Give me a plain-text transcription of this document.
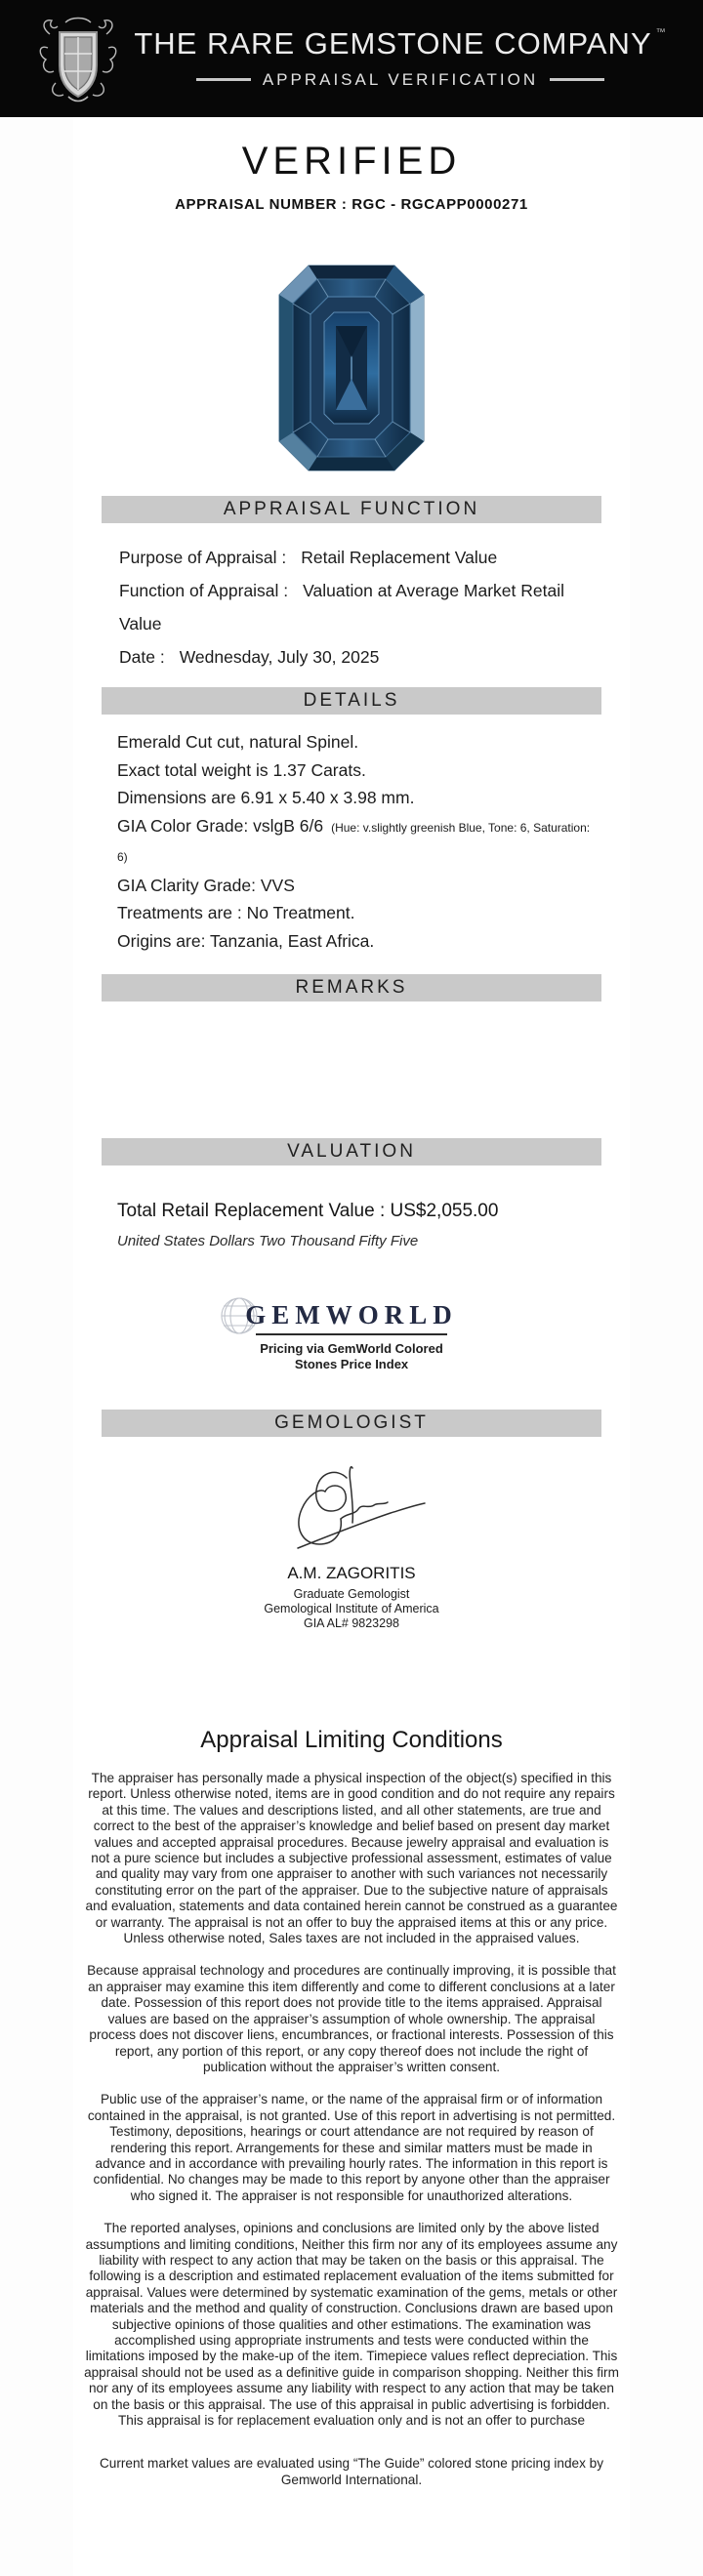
THE RARE GEMSTONE COMPANY ™
APPRAISAL VERIFICATION
VERIFIED
APPRAISAL NUMBER : RGC - RGCAPP0000271
APPRAISAL FUNCTION
Purpose of Appraisal : Retail Replacement Value
Function of Appraisal : Valuation at Average Market Retail Value
Date : Wednesday, July 30, 2025
DETAILS
Emerald Cut cut, natural Spinel.
Exact total weight is 1.37 Carats.
Dimensions are 6.91 x 5.40 x 3.98 mm.
GIA Color Grade: vslgB 6/6 (Hue: v.slightly greenish Blue, Tone: 6, Saturation: 6)
GIA Clarity Grade: VVS
Treatments are : No Treatment.
Origins are: Tanzania, East Africa.
REMARKS
VALUATION
Total Retail Replacement Value : US$2,055.00
United States Dollars Two Thousand Fifty Five
GEMWORLD
Pricing via GemWorld Colored
Stones Price Index
GEMOLOGIST
A.M. ZAGORITIS
Graduate Gemologist
Gemological Institute of America
GIA AL# 9823298
Appraisal Limiting Conditions
The appraiser has personally made a physical inspection of the object(s) specified in this report. Unless otherwise noted, items are in good condition and do not require any repairs at this time. The values and descriptions listed, and all other statements, are true and correct to the best of the appraiser’s knowledge and belief based on present day market values and accepted appraisal procedures. Because jewelry appraisal and evaluation is not a pure science but includes a subjective professional assessment, estimates of value and quality may vary from one appraiser to another with such variances not necessarily constituting error on the part of the appraiser. Due to the subjective nature of appraisals and evaluation, statements and data contained herein cannot be construed as a guarantee or warranty. The appraisal is not an offer to buy the appraised items at this or any price. Unless otherwise noted, Sales taxes are not included in the appraised values.
Because appraisal technology and procedures are continually improving, it is possible that an appraiser may examine this item differently and come to different conclusions at a later date. Possession of this report does not provide title to the items appraised. Appraisal values are based on the appraiser’s assumption of whole ownership. The appraisal process does not discover liens, encumbrances, or fractional interests. Possession of this report, any portion of this report, or any copy thereof does not include the right of publication without the appraiser’s written consent.
Public use of the appraiser’s name, or the name of the appraisal firm or of information contained in the appraisal, is not granted. Use of this report in advertising is not permitted. Testimony, depositions, hearings or court attendance are not required by reason of rendering this report. Arrangements for these and similar matters must be made in advance and in accordance with prevailing hourly rates. The information in this report is confidential. No changes may be made to this report by anyone other than the appraiser who signed it. The appraiser is not responsible for unauthorized alterations.
The reported analyses, opinions and conclusions are limited only by the above listed assumptions and limiting conditions, Neither this firm nor any of its employees assume any liability with respect to any action that may be taken on the basis or this appraisal. The following is a description and estimated replacement evaluation of the items submitted for appraisal. Values were determined by systematic examination of the gems, metals or other materials and the method and quality of construction. Conclusions drawn are based upon subjective opinions of those qualities and other estimations. The examination was accomplished using appropriate instruments and tests were conducted within the limitations imposed by the make-up of the item. Timepiece values reflect depreciation. This appraisal should not be used as a definitive guide in comparison shopping. Neither this firm nor any of its employees assume any liability with respect to any action that may be taken on the basis or this appraisal. The use of this appraisal in public advertising is forbidden. This appraisal is for replacement evaluation only and is not an offer to purchase
Current market values are evaluated using “The Guide” colored stone pricing index by Gemworld International.
